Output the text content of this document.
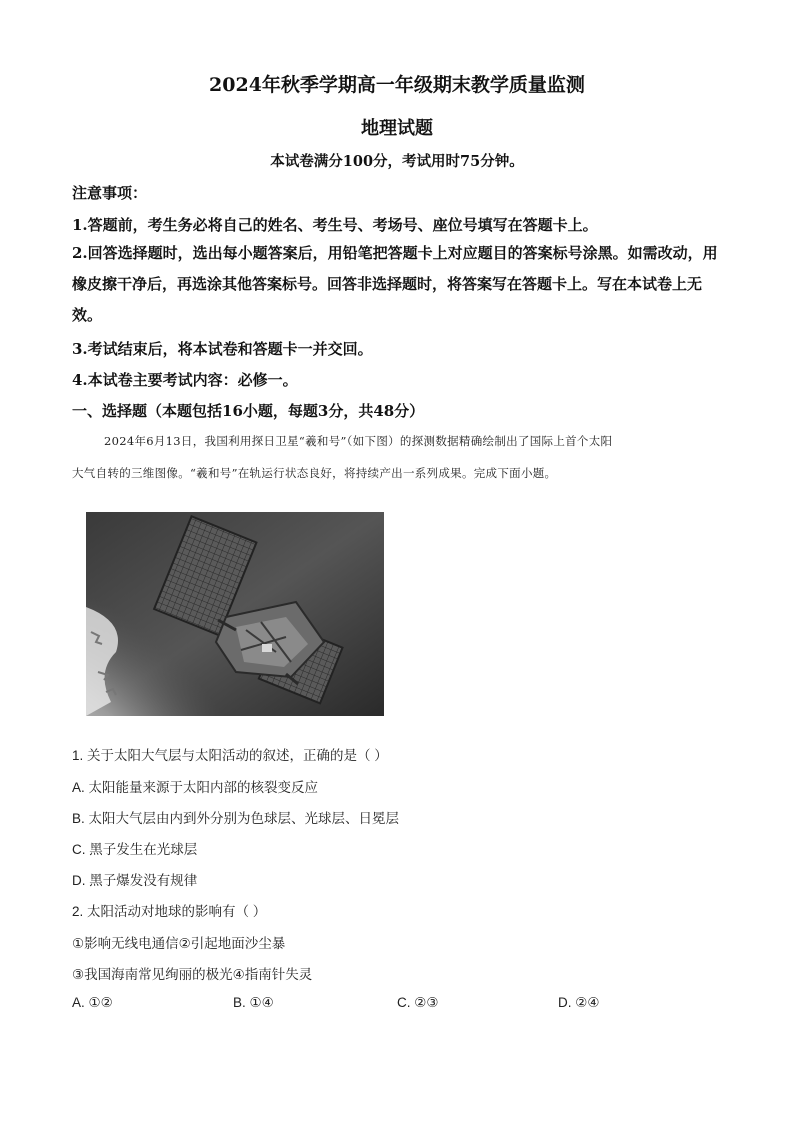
2024年秋季学期高一年级期末教学质量监测
地理试题
本试卷满分100分，考试用时75分钟。
注意事项：
1.答题前，考生务必将自己的姓名、考生号、考场号、座位号填写在答题卡上。
2.回答选择题时，选出每小题答案后，用铅笔把答题卡上对应题目的答案标号涂黑。如需改动，用橡皮擦干净后，再选涂其他答案标号。回答非选择题时，将答案写在答题卡上。写在本试卷上无效。
3.考试结束后，将本试卷和答题卡一并交回。
4.本试卷主要考试内容：必修一。
一、选择题（本题包括16小题，每题3分，共48分）
2024年6月13日，我国利用探日卫星“羲和号”（如下图）的探测数据精确绘制出了国际上首个太阳
大气自转的三维图像。“羲和号”在轨运行状态良好，将持续产出一系列成果。完成下面小题。
1. 关于太阳大气层与太阳活动的叙述，正确的是（ ）
A. 太阳能量来源于太阳内部的核裂变反应
B. 太阳大气层由内到外分别为色球层、光球层、日冕层
C. 黑子发生在光球层
D. 黑子爆发没有规律
2. 太阳活动对地球的影响有（ ）
①影响无线电通信②引起地面沙尘暴
③我国海南常见绚丽的极光④指南针失灵
A. ①②	B. ①④	C. ②③	D. ②④
